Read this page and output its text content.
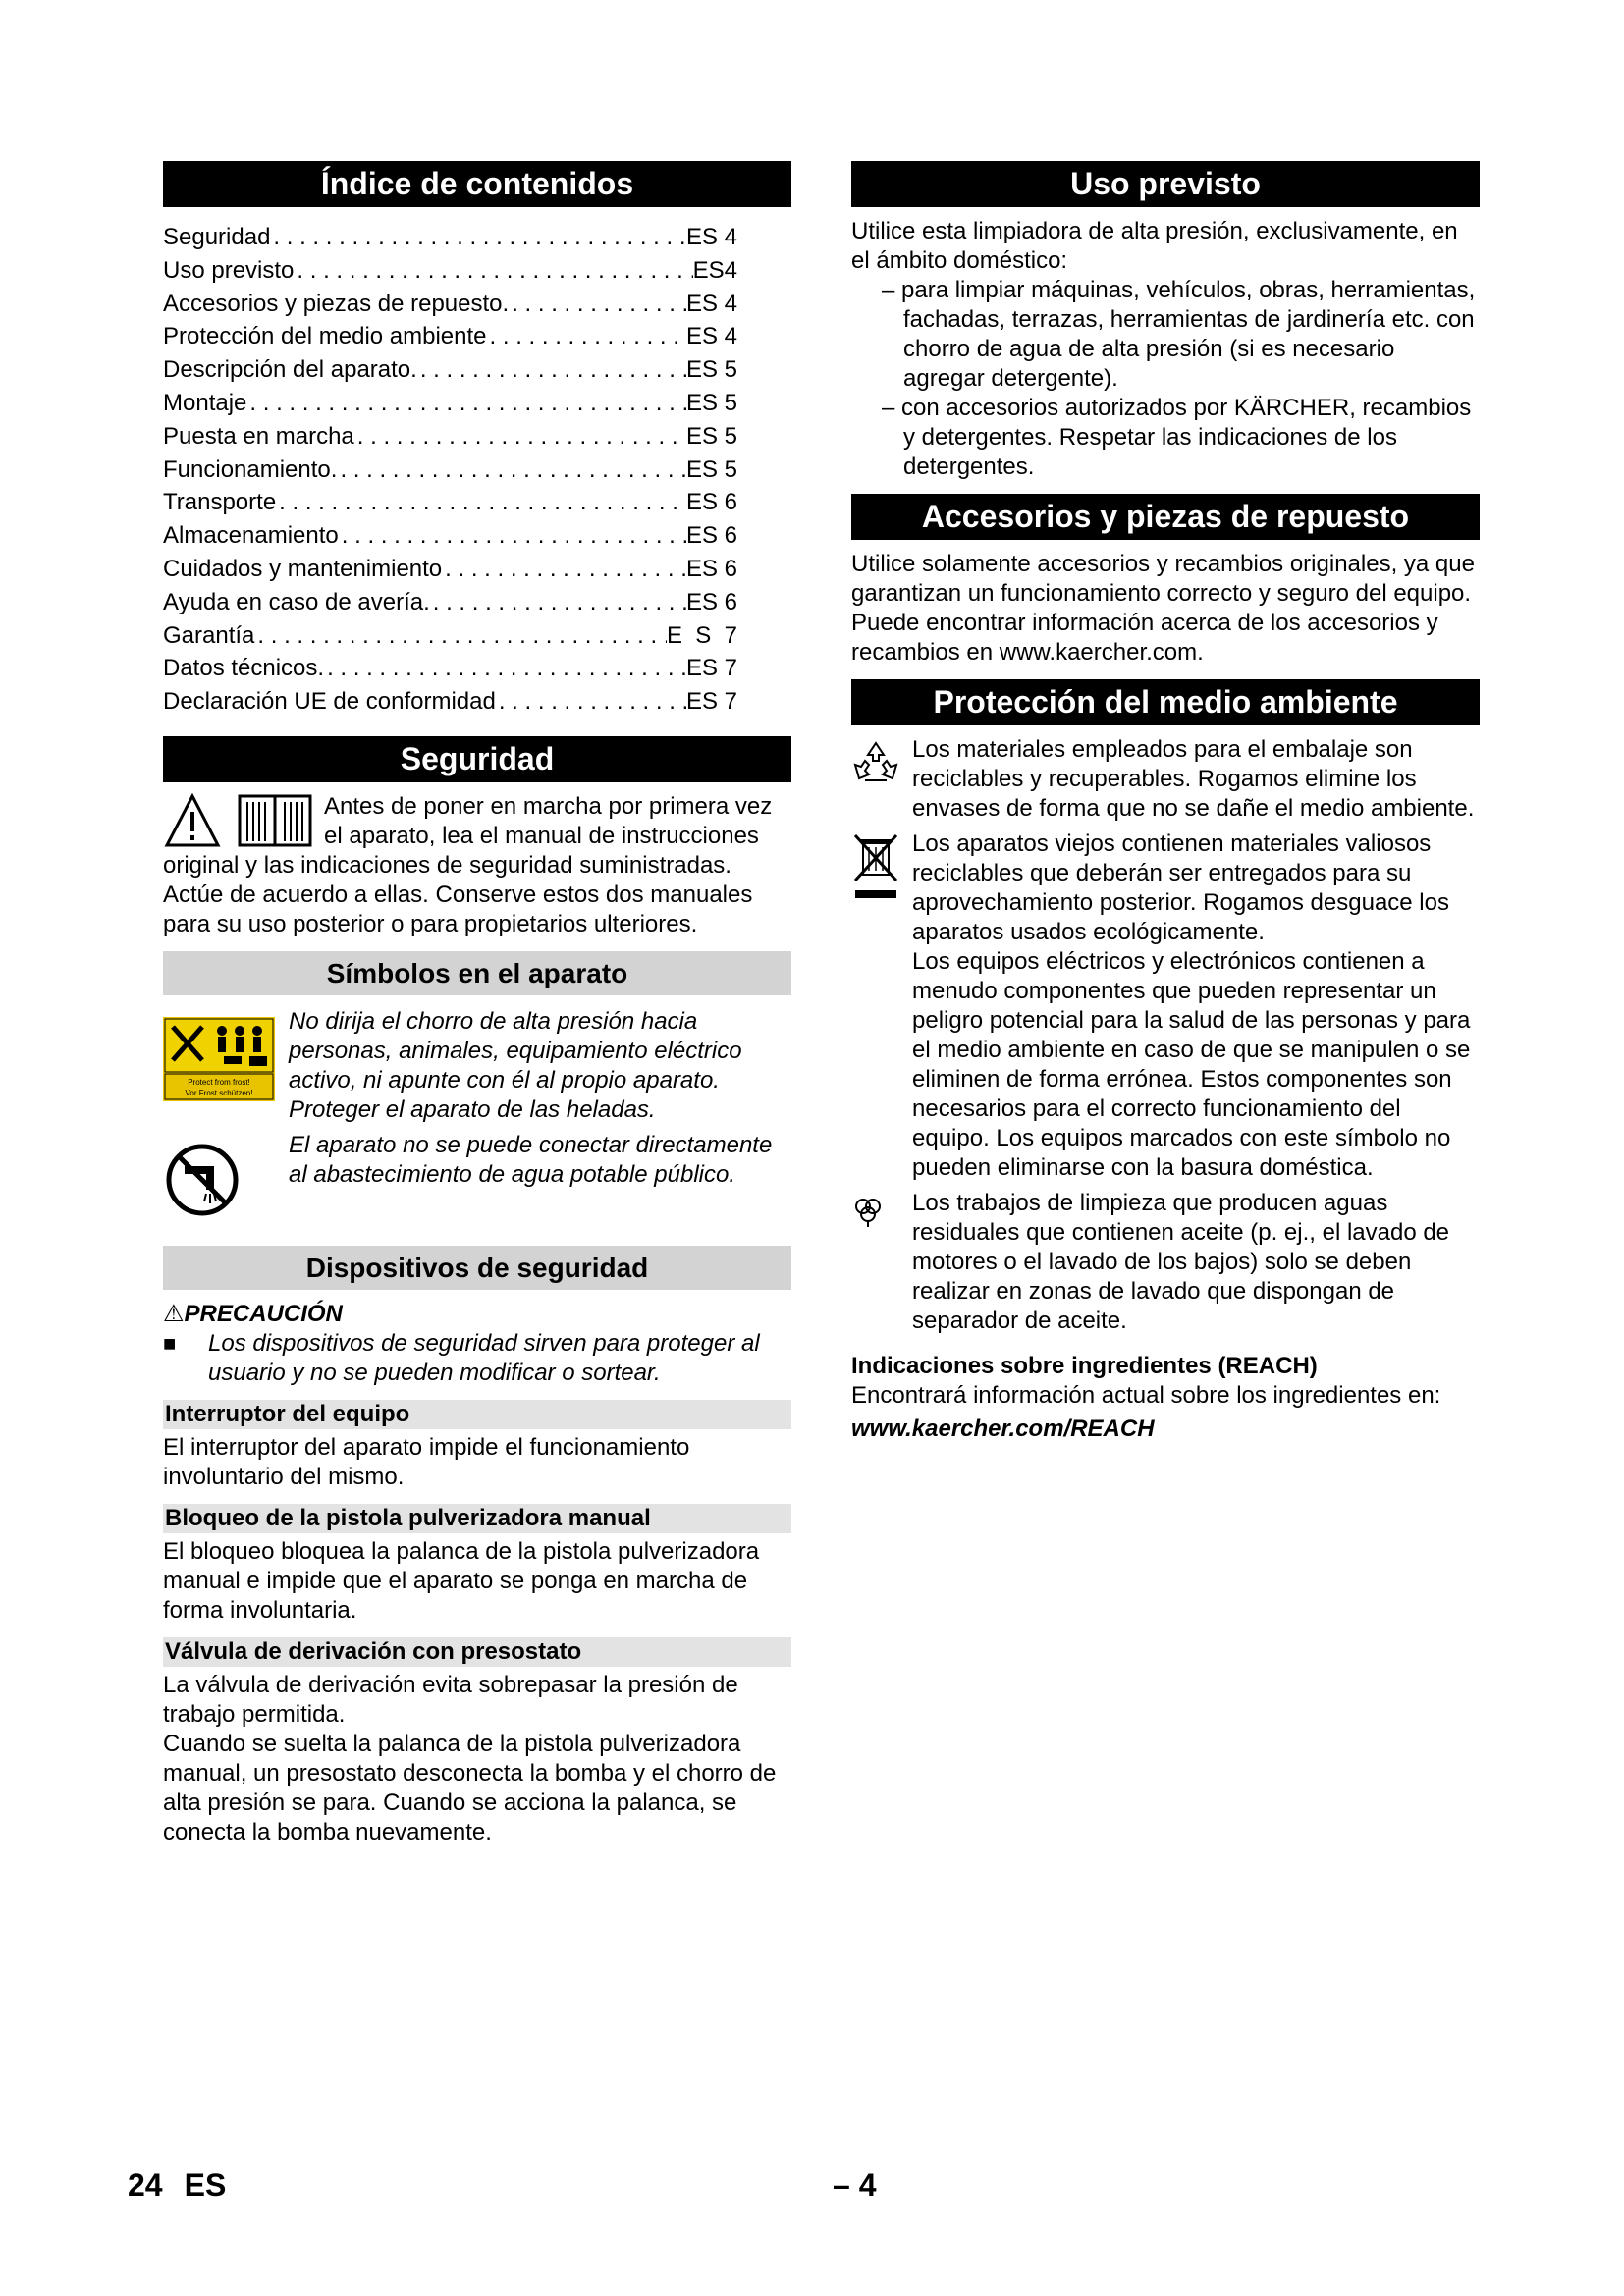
Índice de contenidos
Seguridad . . .	ES 4
Uso previsto . . .	ES4
Accesorios y piezas de repuesto. . . .	ES 4
Protección del medio ambiente . . .	ES 4
Descripción del aparato. . . .	ES 5
Montaje . . .	ES 5
Puesta en marcha . . .	ES 5
Funcionamiento. . . .	ES 5
Transporte . . .	ES 6
Almacenamiento . . .	ES 6
Cuidados y mantenimiento . . .	ES 6
Ayuda en caso de avería. . . .	ES 6
Garantía . . .	E  S  7
Datos técnicos. . . .	ES 7
Declaración UE de conformidad . . .	ES 7
Seguridad

Antes de poner en marcha por primera vez el aparato, lea el manual de instrucciones original y las indicaciones de seguridad suministradas. Actúe de acuerdo a ellas. Conserve estos dos manuales para su uso posterior o para propietarios ulteriores.

Símbolos en el aparato
Protect from frost!
Vor Frost schützen!

No dirija el chorro de alta presión hacia personas, animales, equipamiento eléctrico activo, ni apunte con él al propio aparato. Proteger el aparato de las heladas.

El aparato no se puede conectar directamente al abastecimiento de agua potable público.

Dispositivos de seguridad
⚠PRECAUCIÓN
■	Los dispositivos de seguridad sirven para proteger al usuario y no se pueden modificar o sortear.

Interruptor del equipo

El interruptor del aparato impide el funcionamiento involuntario del mismo.

Bloqueo de la pistola pulverizadora manual

El bloqueo bloquea la palanca de la pistola pulverizadora manual e impide que el aparato se ponga en marcha de forma involuntaria.

Válvula de derivación con presostato

La válvula de derivación evita sobrepasar la presión de trabajo permitida.

Cuando se suelta la palanca de la pistola pulverizadora manual, un presostato desconecta la bomba y el chorro de alta presión se para. Cuando se acciona la palanca, se conecta la bomba nuevamente.

Uso previsto

Utilice esta limpiadora de alta presión, exclusivamente, en el ámbito doméstico:

– para limpiar máquinas, vehículos, obras, herramientas, fachadas, terrazas, herramientas de jardinería etc. con chorro de agua de alta presión (si es necesario agregar detergente).

– con accesorios autorizados por KÄRCHER, recambios y detergentes. Respetar las indicaciones de los detergentes.

Accesorios y piezas de repuesto

Utilice solamente accesorios y recambios originales, ya que garantizan un funcionamiento correcto y seguro del equipo.

Puede encontrar información acerca de los accesorios y recambios en www.kaercher.com.

Protección del medio ambiente

Los materiales empleados para el embalaje son reciclables y recuperables. Rogamos elimine los envases de forma que no se dañe el medio ambiente.

Los aparatos viejos contienen materiales valiosos reciclables que deberán ser entregados para su aprovechamiento posterior. Rogamos desguace los aparatos usados ecológicamente.

Los equipos eléctricos y electrónicos contienen a menudo componentes que pueden representar un peligro potencial para la salud de las personas y para el medio ambiente en caso de que se manipulen o se eliminen de forma errónea. Estos componentes son necesarios para el correcto funcionamiento del equipo. Los equipos marcados con este símbolo no pueden eliminarse con la basura doméstica.

Los trabajos de limpieza que producen aguas residuales que contienen aceite (p. ej., el lavado de motores o el lavado de los bajos) solo se deben realizar en zonas de lavado que dispongan de separador de aceite.

Indicaciones sobre ingredientes (REACH)

Encontrará información actual sobre los ingredientes en:

www.kaercher.com/REACH

24 ES	– 4
